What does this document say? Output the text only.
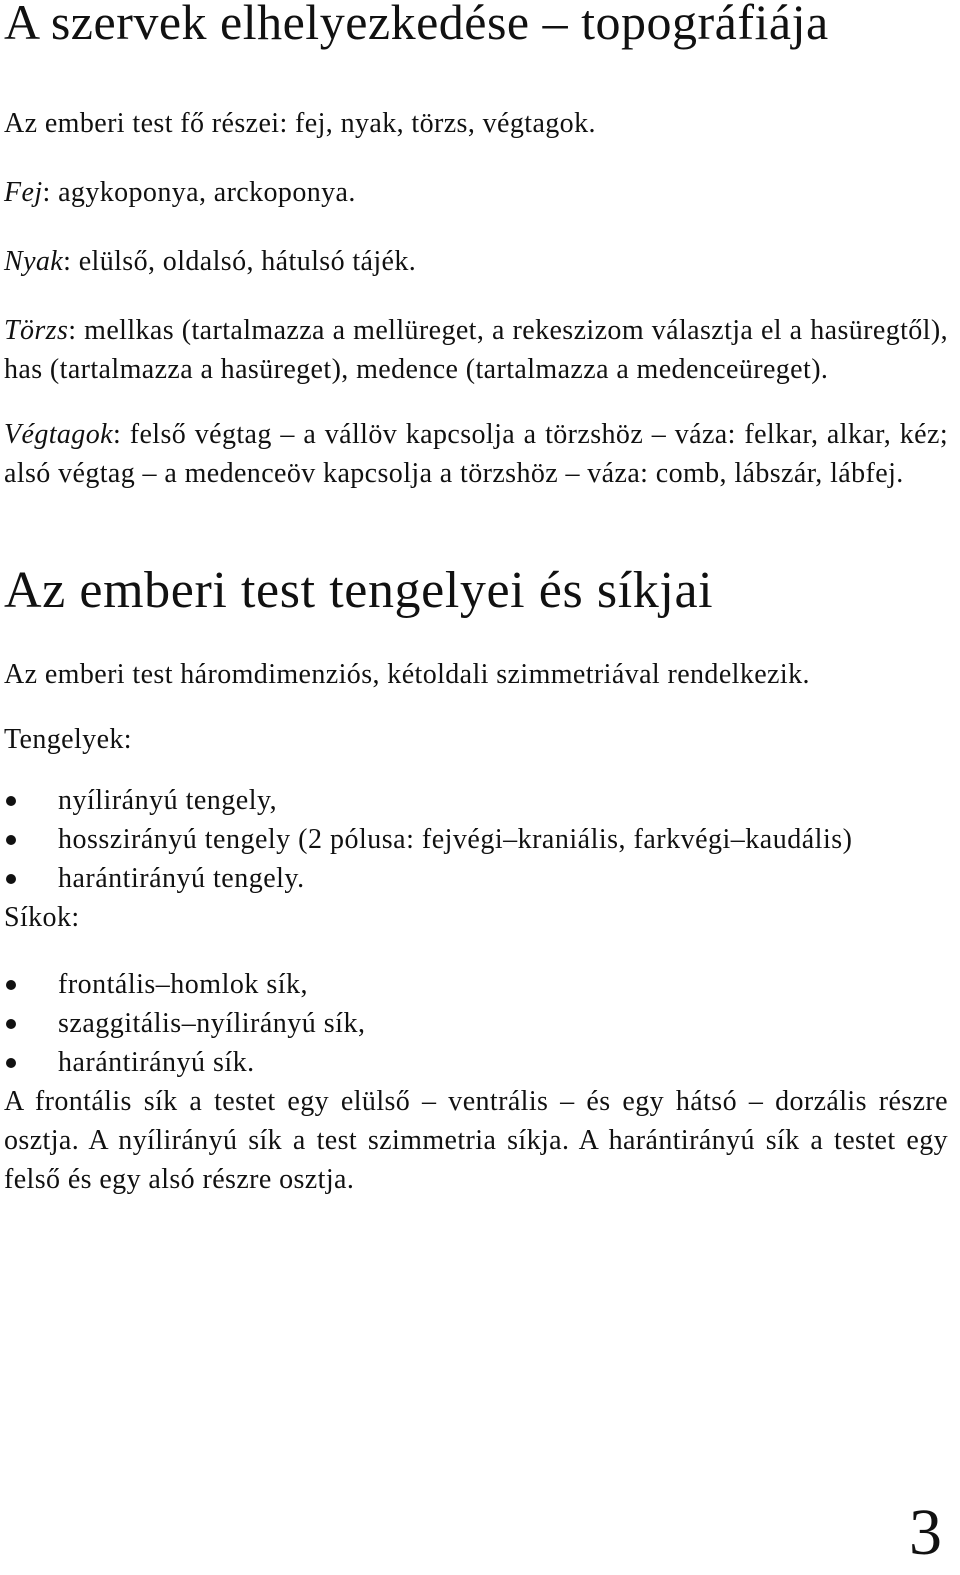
A szervek elhelyezkedése – topográfiája

Az emberi test fő részei: fej, nyak, törzs, végtagok.

Fej: agykoponya, arckoponya.

Nyak: elülső, oldalsó, hátulsó tájék.

Törzs: mellkas (tartalmazza a mellüreget, a rekeszizom választja el a hasüregtől), has (tartalmazza a hasüreget), medence (tartalmazza a medenceüreget).

Végtagok: felső végtag – a vállöv kapcsolja a törzshöz – váza: felkar, alkar, kéz; alsó végtag – a medenceöv kapcsolja a törzshöz – váza: comb, lábszár, lábfej.

Az emberi test tengelyei és síkjai

Az emberi test háromdimenziós, kétoldali szimmetriával rendelkezik.

Tengelyek:

nyílirányú tengely,
hosszirányú tengely (2 pólusa: fejvégi–kraniális, farkvégi–kaudális)
harántirányú tengely.

Síkok:

frontális–homlok sík,
szaggitális–nyílirányú sík,
harántirányú sík.

A frontális sík a testet egy elülső – ventrális – és egy hátsó – dorzális részre osztja. A nyílirányú sík a test szimmetria síkja. A harántirányú sík a testet egy felső és egy alsó részre osztja.

3
